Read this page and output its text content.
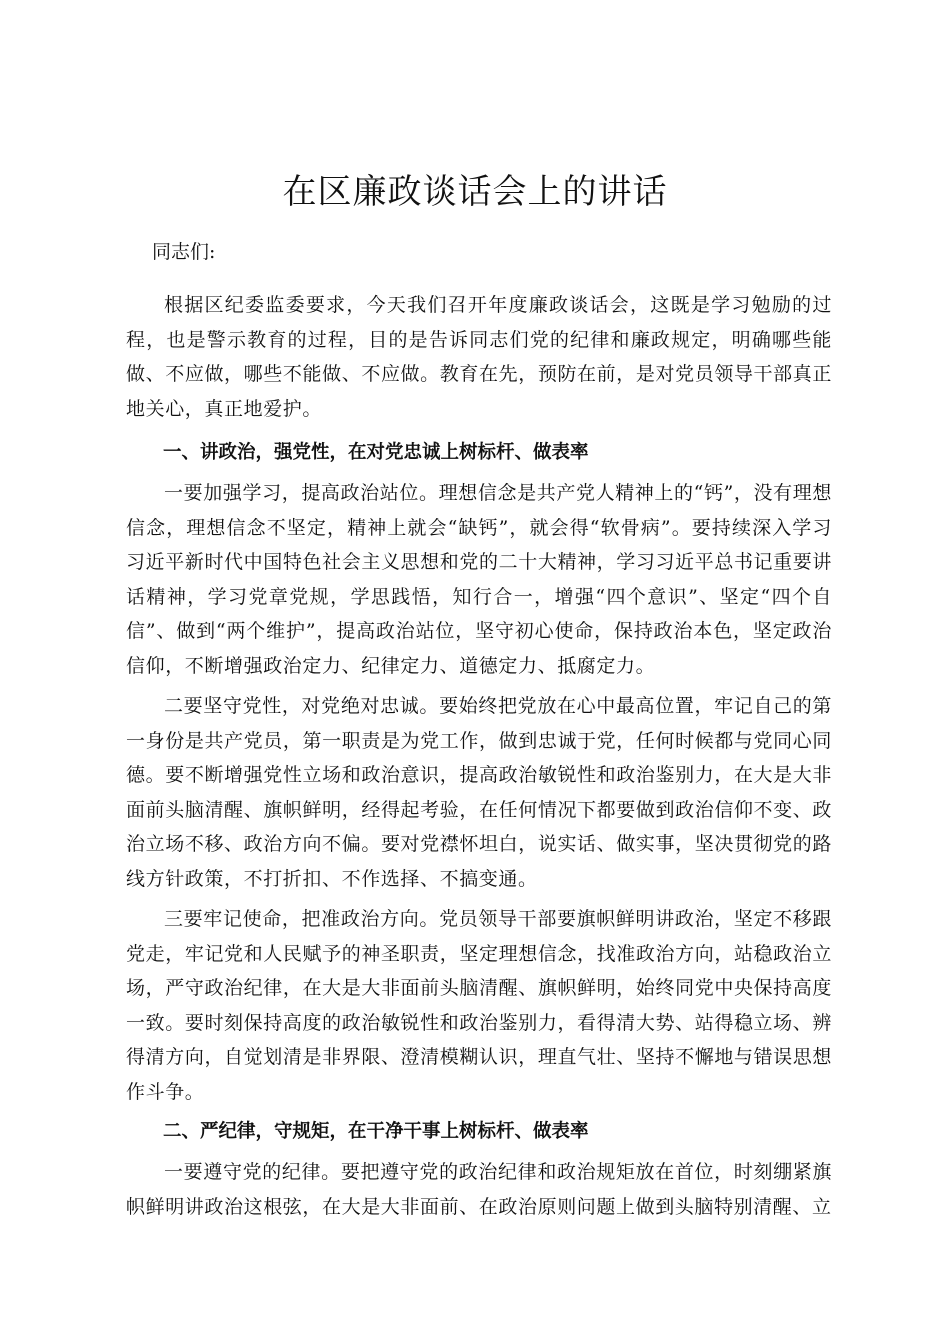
在区廉政谈话会上的讲话

同志们:

根据区纪委监委要求，今天我们召开年度廉政谈话会，这既是学习勉励的过程，也是警示教育的过程，目的是告诉同志们党的纪律和廉政规定，明确哪些能做、不应做，哪些不能做、不应做。教育在先，预防在前，是对党员领导干部真正地关心，真正地爱护。

一、讲政治，强党性，在对党忠诚上树标杆、做表率

一要加强学习，提高政治站位。理想信念是共产党人精神上的“钙”，没有理想信念，理想信念不坚定，精神上就会“缺钙”，就会得“软骨病”。要持续深入学习习近平新时代中国特色社会主义思想和党的二十大精神，学习习近平总书记重要讲话精神，学习党章党规，学思践悟，知行合一，增强“四个意识”、坚定“四个自信”、做到“两个维护”，提高政治站位，坚守初心使命，保持政治本色，坚定政治信仰，不断增强政治定力、纪律定力、道德定力、抵腐定力。

二要坚守党性，对党绝对忠诚。要始终把党放在心中最高位置，牢记自己的第一身份是共产党员，第一职责是为党工作，做到忠诚于党，任何时候都与党同心同德。要不断增强党性立场和政治意识，提高政治敏锐性和政治鉴别力，在大是大非面前头脑清醒、旗帜鲜明，经得起考验，在任何情况下都要做到政治信仰不变、政治立场不移、政治方向不偏。要对党襟怀坦白，说实话、做实事，坚决贯彻党的路线方针政策，不打折扣、不作选择、不搞变通。

三要牢记使命，把准政治方向。党员领导干部要旗帜鲜明讲政治，坚定不移跟党走，牢记党和人民赋予的神圣职责，坚定理想信念，找准政治方向，站稳政治立场，严守政治纪律，在大是大非面前头脑清醒、旗帜鲜明，始终同党中央保持高度一致。要时刻保持高度的政治敏锐性和政治鉴别力，看得清大势、站得稳立场、辨得清方向，自觉划清是非界限、澄清模糊认识，理直气壮、坚持不懈地与错误思想作斗争。

二、严纪律，守规矩，在干净干事上树标杆、做表率

一要遵守党的纪律。要把遵守党的政治纪律和政治规矩放在首位，时刻绷紧旗帜鲜明讲政治这根弦，在大是大非面前、在政治原则问题上做到头脑特别清醒、立
